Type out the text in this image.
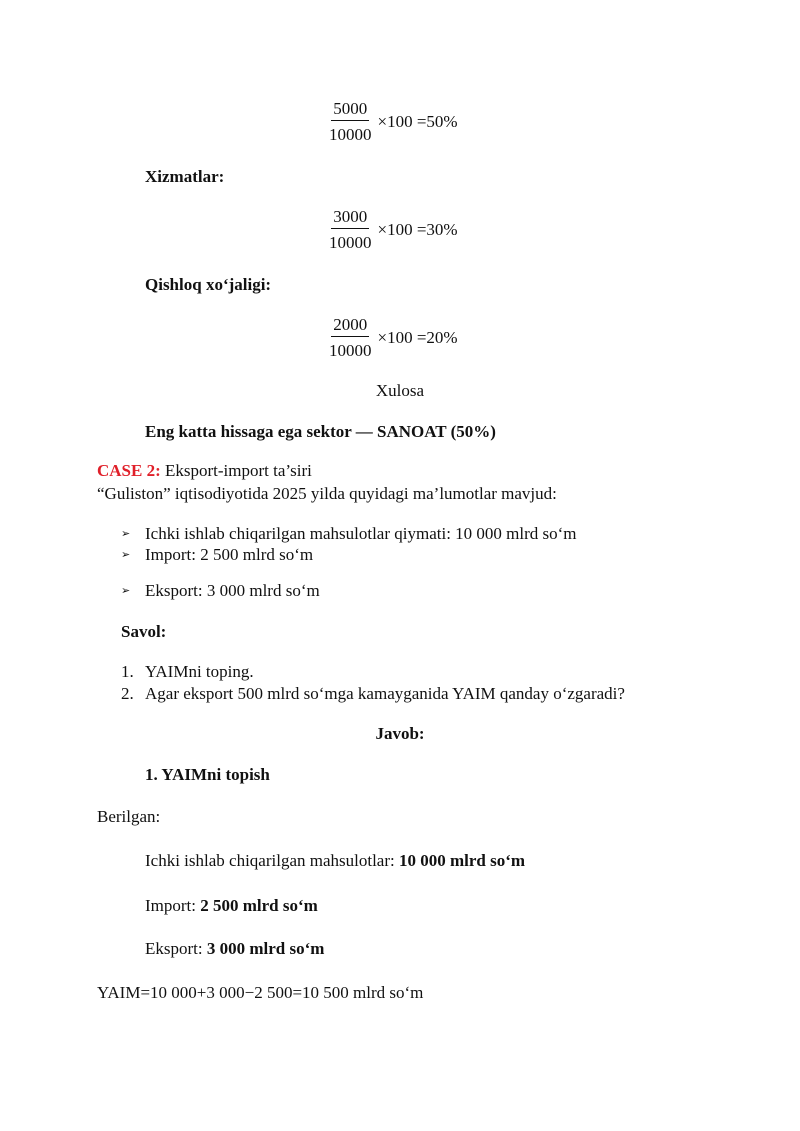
$\frac{5000}{10000} \times 100 =50\%$
Xizmatlar:
$\frac{3000}{10000} \times 100 =30\%$
Qishloq xo‘jaligi:
$\frac{2000}{10000} \times 100 =20\%$
Xulosa
Eng katta hissaga ega sektor — SANOAT (50%)
CASE 2: Eksport-import ta’siri
“Guliston” iqtisodiyotida 2025 yilda quyidagi ma’lumotlar mavjud:
➢ Ichki ishlab chiqarilgan mahsulotlar qiymati: 10 000 mlrd so‘m
➢ Import: 2 500 mlrd so‘m
➢ Eksport: 3 000 mlrd so‘m
Savol:
1. YAIMni toping.
2. Agar eksport 500 mlrd so‘mga kamayganida YAIM qanday o‘zgaradi?
Javob:
1. YAIMni topish
Berilgan:
Ichki ishlab chiqarilgan mahsulotlar: 10 000 mlrd so‘m
Import: 2 500 mlrd so‘m
Eksport: 3 000 mlrd so‘m
YAIM=10 000+3 000−2 500=10 500 mlrd so‘m
